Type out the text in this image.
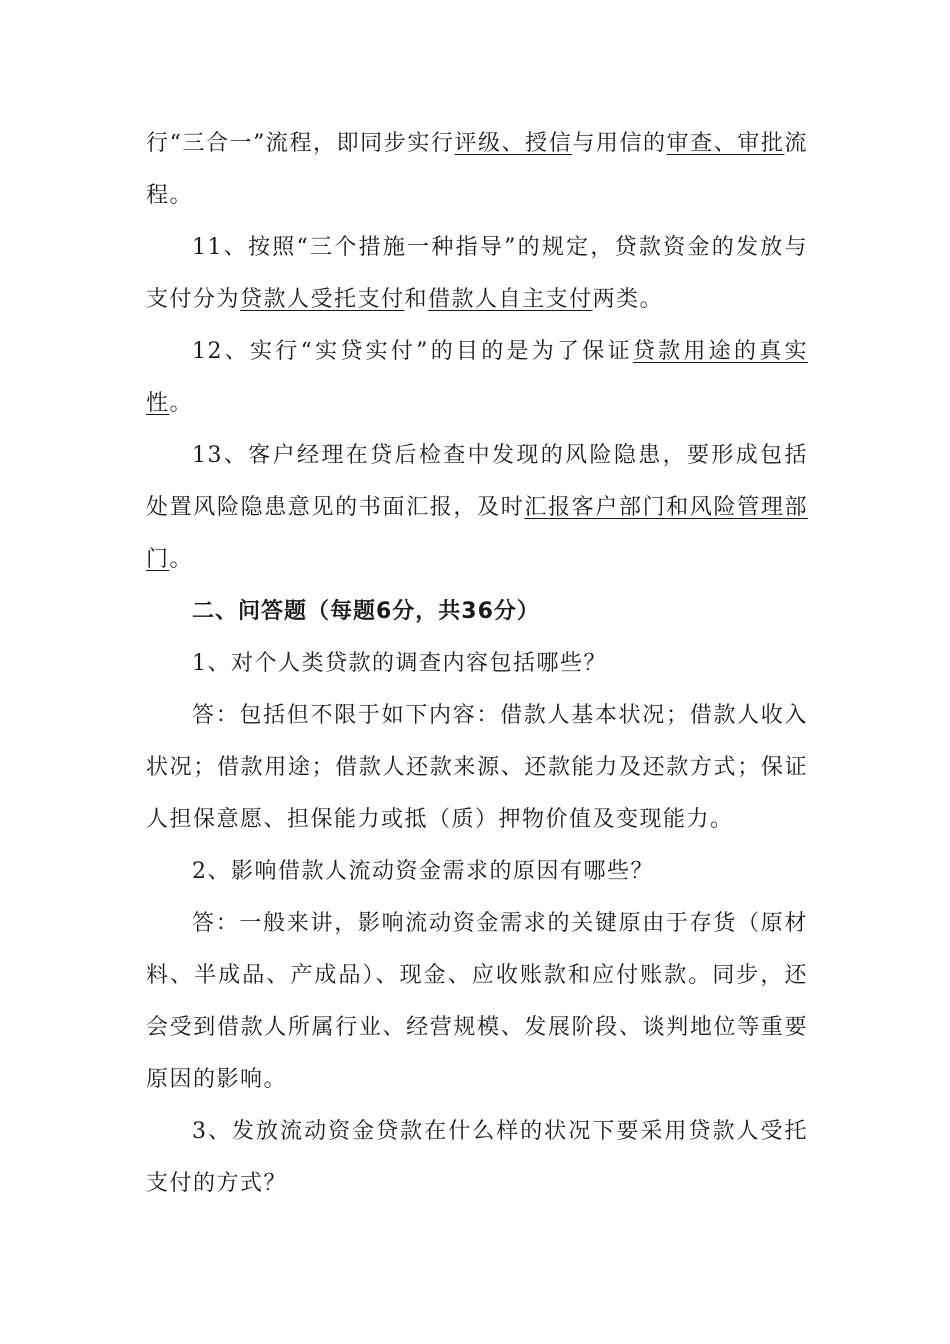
行“三合一”流程，即同步实行评级、授信与用信的审查、审批流程。

11、按照“三个措施一种指导”的规定，贷款资金的发放与支付分为贷款人受托支付和借款人自主支付两类。

12、实行“实贷实付”的目的是为了保证贷款用途的真实性。

13、客户经理在贷后检查中发现的风险隐患，要形成包括处置风险隐患意见的书面汇报，及时汇报客户部门和风险管理部门。

二、问答题（每题6分，共36分）

1、对个人类贷款的调查内容包括哪些？

答：包括但不限于如下内容：借款人基本状况；借款人收入状况；借款用途；借款人还款来源、还款能力及还款方式；保证人担保意愿、担保能力或抵（质）押物价值及变现能力。

2、影响借款人流动资金需求的原因有哪些？

答：一般来讲，影响流动资金需求的关键原由于存货（原材料、半成品、产成品）、现金、应收账款和应付账款。同步，还会受到借款人所属行业、经营规模、发展阶段、谈判地位等重要原因的影响。

3、发放流动资金贷款在什么样的状况下要采用贷款人受托支付的方式？
